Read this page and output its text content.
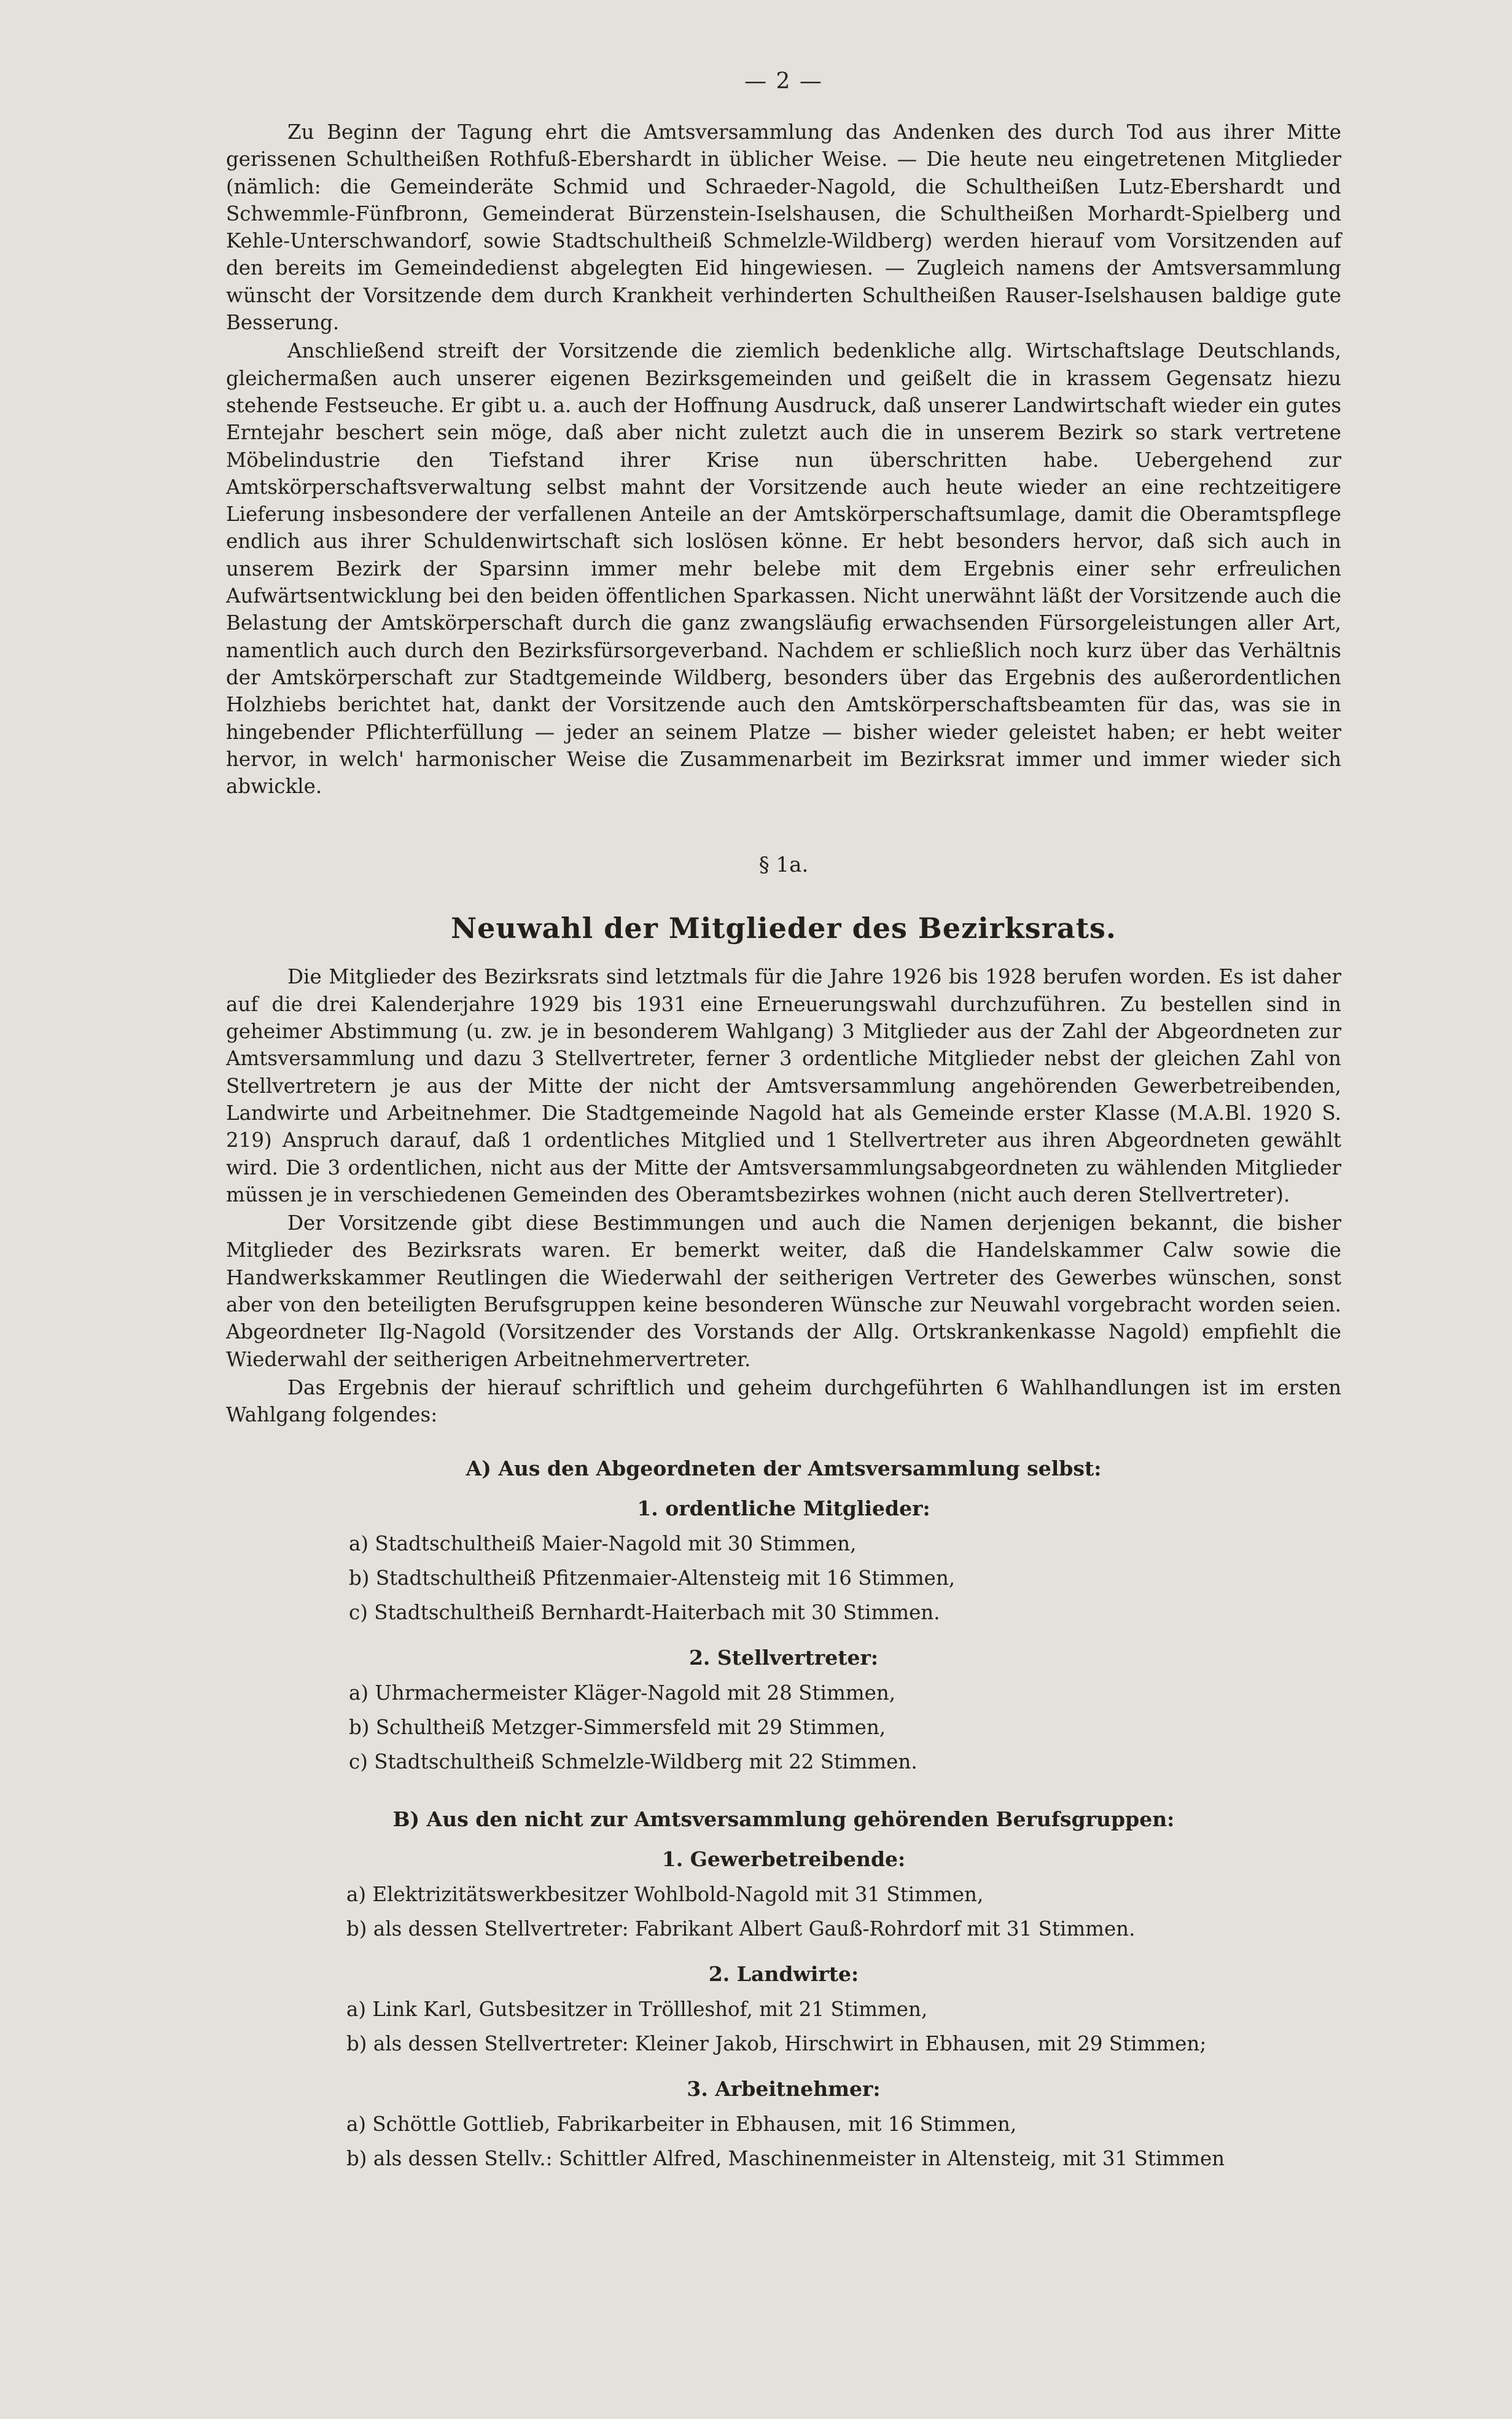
— 2 —

Zu Beginn der Tagung ehrt die Amtsversammlung das Andenken des durch Tod aus ihrer Mitte gerissenen Schultheißen Rothfuß-Ebershardt in üblicher Weise. — Die heute neu eingetretenen Mitglieder (nämlich: die Gemeinderäte Schmid und Schraeder-Nagold, die Schultheißen Lutz-Ebershardt und Schwemmle-Fünfbronn, Gemeinderat Bürzenstein-Iselshausen, die Schultheißen Morhardt-Spielberg und Kehle-Unterschwandorf, sowie Stadtschultheiß Schmelzle-Wildberg) werden hierauf vom Vorsitzenden auf den bereits im Gemeindedienst abgelegten Eid hingewiesen. — Zugleich namens der Amtsversammlung wünscht der Vorsitzende dem durch Krankheit verhinderten Schultheißen Rauser-Iselshausen baldige gute Besserung.

Anschließend streift der Vorsitzende die ziemlich bedenkliche allg. Wirtschaftslage Deutschlands, gleichermaßen auch unserer eigenen Bezirksgemeinden und geißelt die in krassem Gegensatz hiezu stehende Festseuche. Er gibt u. a. auch der Hoffnung Ausdruck, daß unserer Landwirtschaft wieder ein gutes Erntejahr beschert sein möge, daß aber nicht zuletzt auch die in unserem Bezirk so stark vertretene Möbelindustrie den Tiefstand ihrer Krise nun überschritten habe. Uebergehend zur Amtskörperschaftsverwaltung selbst mahnt der Vorsitzende auch heute wieder an eine rechtzeitigere Lieferung insbesondere der verfallenen Anteile an der Amtskörperschaftsumlage, damit die Oberamtspflege endlich aus ihrer Schuldenwirtschaft sich loslösen könne. Er hebt besonders hervor, daß sich auch in unserem Bezirk der Sparsinn immer mehr belebe mit dem Ergebnis einer sehr erfreulichen Aufwärtsentwicklung bei den beiden öffentlichen Sparkassen. Nicht unerwähnt läßt der Vorsitzende auch die Belastung der Amtskörperschaft durch die ganz zwangsläufig erwachsenden Fürsorgeleistungen aller Art, namentlich auch durch den Bezirksfürsorgeverband. Nachdem er schließlich noch kurz über das Verhältnis der Amtskörperschaft zur Stadtgemeinde Wildberg, besonders über das Ergebnis des außerordentlichen Holzhiebs berichtet hat, dankt der Vorsitzende auch den Amtskörperschaftsbeamten für das, was sie in hingebender Pflichterfüllung — jeder an seinem Platze — bisher wieder geleistet haben; er hebt weiter hervor, in welch' harmonischer Weise die Zusammenarbeit im Bezirksrat immer und immer wieder sich abwickle.

§ 1a.
Neuwahl der Mitglieder des Bezirksrats.

Die Mitglieder des Bezirksrats sind letztmals für die Jahre 1926 bis 1928 berufen worden. Es ist daher auf die drei Kalenderjahre 1929 bis 1931 eine Erneuerungswahl durchzuführen. Zu bestellen sind in geheimer Abstimmung (u. zw. je in besonderem Wahlgang) 3 Mitglieder aus der Zahl der Abgeordneten zur Amtsversammlung und dazu 3 Stellvertreter, ferner 3 ordentliche Mitglieder nebst der gleichen Zahl von Stellvertretern je aus der Mitte der nicht der Amtsversammlung angehörenden Gewerbetreibenden, Landwirte und Arbeitnehmer. Die Stadtgemeinde Nagold hat als Gemeinde erster Klasse (M.A.Bl. 1920 S. 219) Anspruch darauf, daß 1 ordentliches Mitglied und 1 Stellvertreter aus ihren Abgeordneten gewählt wird. Die 3 ordentlichen, nicht aus der Mitte der Amtsversammlungsabgeordneten zu wählenden Mitglieder müssen je in verschiedenen Gemeinden des Oberamtsbezirkes wohnen (nicht auch deren Stellvertreter).

Der Vorsitzende gibt diese Bestimmungen und auch die Namen derjenigen bekannt, die bisher Mitglieder des Bezirksrats waren. Er bemerkt weiter, daß die Handelskammer Calw sowie die Handwerkskammer Reutlingen die Wiederwahl der seitherigen Vertreter des Gewerbes wünschen, sonst aber von den beteiligten Berufsgruppen keine besonderen Wünsche zur Neuwahl vorgebracht worden seien. Abgeordneter Ilg-Nagold (Vorsitzender des Vorstands der Allg. Ortskrankenkasse Nagold) empfiehlt die Wiederwahl der seitherigen Arbeitnehmervertreter.

Das Ergebnis der hierauf schriftlich und geheim durchgeführten 6 Wahlhandlungen ist im ersten Wahlgang folgendes:

A) Aus den Abgeordneten der Amtsversammlung selbst:
1. ordentliche Mitglieder:
a) Stadtschultheiß Maier-Nagold mit 30 Stimmen,
b) Stadtschultheiß Pfitzenmaier-Altensteig mit 16 Stimmen,
c) Stadtschultheiß Bernhardt-Haiterbach mit 30 Stimmen.
2. Stellvertreter:
a) Uhrmachermeister Kläger-Nagold mit 28 Stimmen,
b) Schultheiß Metzger-Simmersfeld mit 29 Stimmen,
c) Stadtschultheiß Schmelzle-Wildberg mit 22 Stimmen.
B) Aus den nicht zur Amtsversammlung gehörenden Berufsgruppen:
1. Gewerbetreibende:
a) Elektrizitätswerkbesitzer Wohlbold-Nagold mit 31 Stimmen,
b) als dessen Stellvertreter: Fabrikant Albert Gauß-Rohrdorf mit 31 Stimmen.
2. Landwirte:
a) Link Karl, Gutsbesitzer in Tröllleshof, mit 21 Stimmen,
b) als dessen Stellvertreter: Kleiner Jakob, Hirschwirt in Ebhausen, mit 29 Stimmen;
3. Arbeitnehmer:
a) Schöttle Gottlieb, Fabrikarbeiter in Ebhausen, mit 16 Stimmen,
b) als dessen Stellv.: Schittler Alfred, Maschinenmeister in Altensteig, mit 31 Stimmen
